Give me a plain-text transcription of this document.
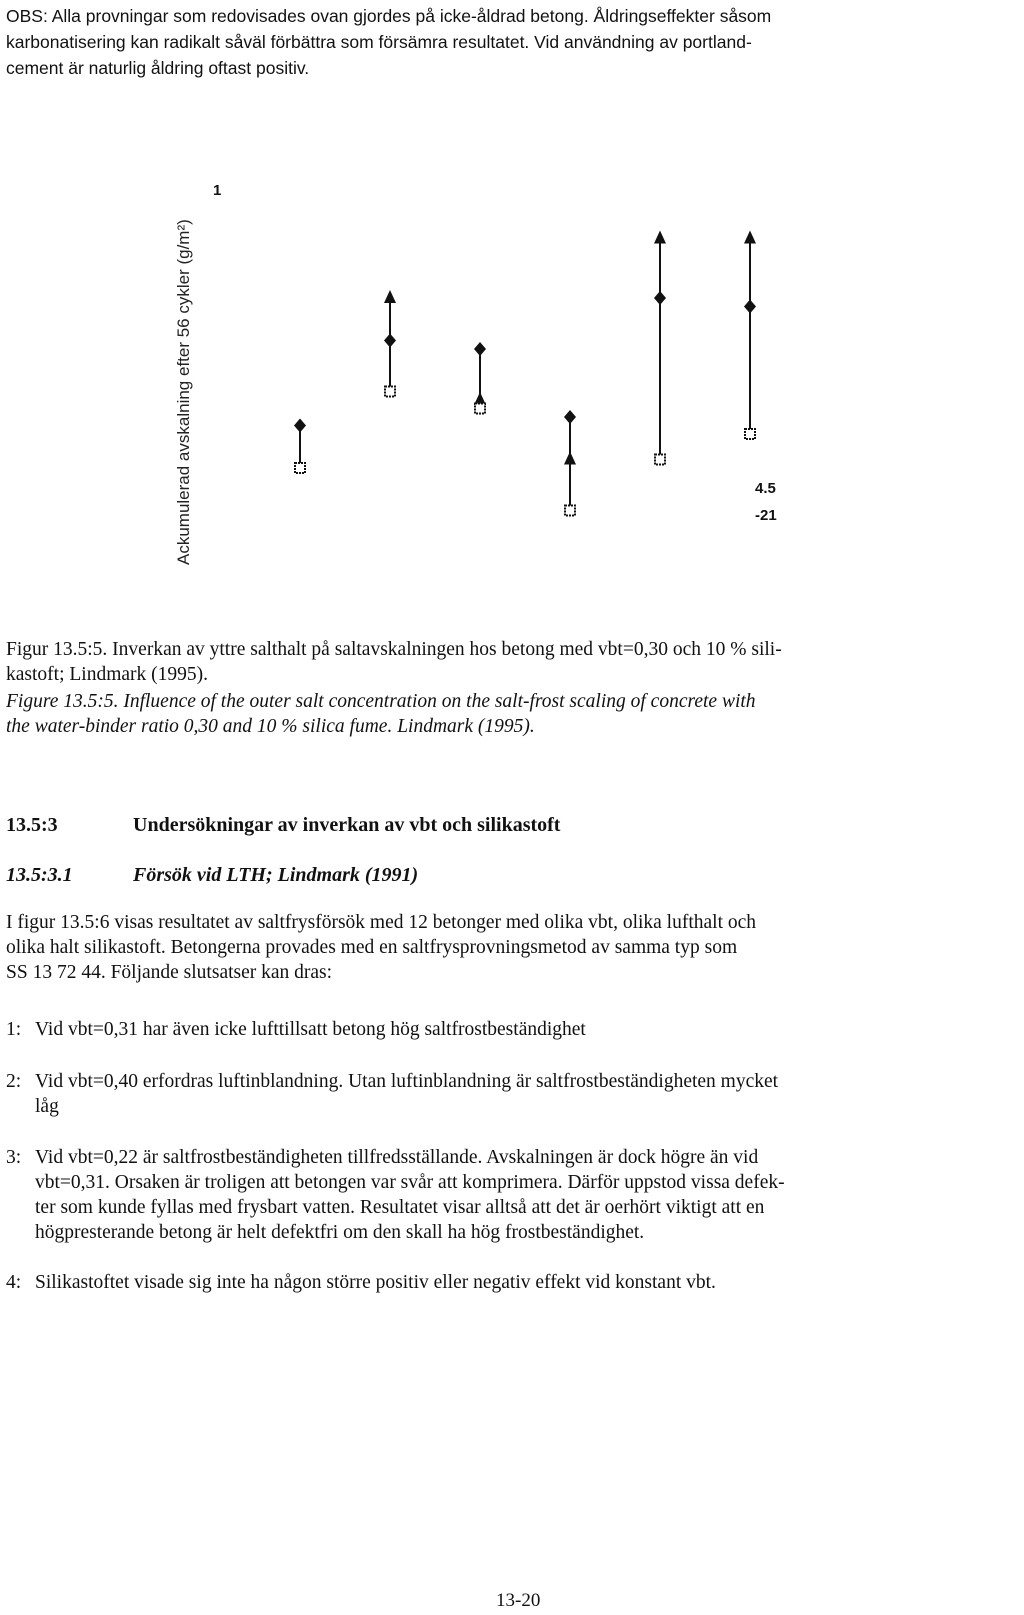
OBS: Alla provningar som redovisades ovan gjordes på icke-åldrad betong. Åldringseffekter såsom

karbonatisering kan radikalt såväl förbättra som försämra resultatet. Vid användning av portland-

cement är naturlig åldring oftast positiv.

Ackumulerad avskalning efter 56 cykler (g/m²)
1
4.5
-21

Figur 13.5:5. Inverkan av yttre salthalt på saltavskalningen hos betong med vbt=0,30 och 10 % sili-

kastoft; Lindmark (1995).

Figure 13.5:5. Influence of the outer salt concentration on the salt-frost scaling of concrete with

the water-binder ratio 0,30 and 10 % silica fume. Lindmark (1995).

13.5:3	Undersökningar av inverkan av vbt och silikastoft
13.5:3.1	Försök vid LTH; Lindmark (1991)

I figur 13.5:6 visas resultatet av saltfrysförsök med 12 betonger med olika vbt, olika lufthalt och

olika halt silikastoft. Betongerna provades med en saltfrysprovningsmetod av samma typ som

SS 13 72 44. Följande slutsatser kan dras:

1: Vid vbt=0,31 har även icke lufttillsatt betong hög saltfrostbeständighet
2: Vid vbt=0,40 erfordras luftinblandning. Utan luftinblandning är saltfrostbeständigheten mycket
låg
3: Vid vbt=0,22 är saltfrostbeständigheten tillfredsställande. Avskalningen är dock högre än vid
vbt=0,31. Orsaken är troligen att betongen var svår att komprimera. Därför uppstod vissa defek-
ter som kunde fyllas med frysbart vatten. Resultatet visar alltså att det är oerhört viktigt att en
högpresterande betong är helt defektfri om den skall ha hög frostbeständighet.
4: Silikastoftet visade sig inte ha någon större positiv eller negativ effekt vid konstant vbt.
13-20
